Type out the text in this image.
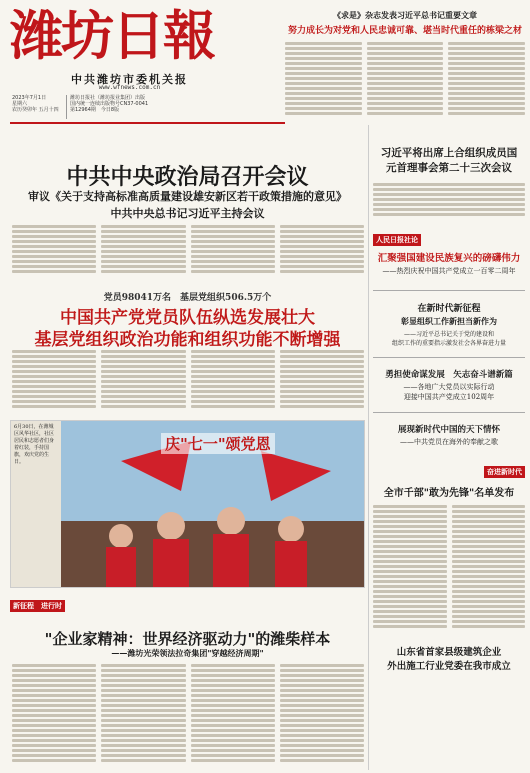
潍坊日報
中共潍坊市委机关报
www.wfnews.com.cn
2023年7月1日
星期六
农历癸卯年 五月十四
潍坊日报社（潍坊报业集团）出版
国内统一连续出版物号CN37-0041
第12964期　 今日8版
《求是》杂志发表习近平总书记重要文章
努力成长为对党和人民忠诚可靠、堪当时代重任的栋梁之材
中共中央政治局召开会议
审议《关于支持高标准高质量建设雄安新区若干政策措施的意见》
中共中央总书记习近平主持会议
党员98041万名　基层党组织506.5万个
中国共产党党员队伍纵选发展壮大
基层党组织政治功能和组织功能不断增强
6月30日，在潍城区风华社区，社区居民和志愿者们身着红装，手持国旗，欢庆党的生日。
庆"七一"颂党恩
新征程　进行时
"企业家精神：世界经济驱动力"的潍柴样本
——潍坊光荣领法拉奇集团"穿越经济周期"
习近平将出席上合组织成员国
元首理事会第二十三次会议
人民日报社论
汇聚强国建设民族复兴的磅礴伟力
——热烈庆祝中国共产党成立一百零二周年
在新时代新征程
彰显组织工作新担当新作为
——习近平总书记关于党的建设和
组织工作的重要指示激发社会各界奋进力量
勇担使命谋发展　矢志奋斗谱新篇
——各地广大党员以实际行动
迎接中国共产党成立102周年
展现新时代中国的天下情怀
——中共党员在海外的奉献之歌
奋进新时代
全市千部"敢为先锋"名单发布
山东省首家县级建筑企业
外出施工行业党委在我市成立
